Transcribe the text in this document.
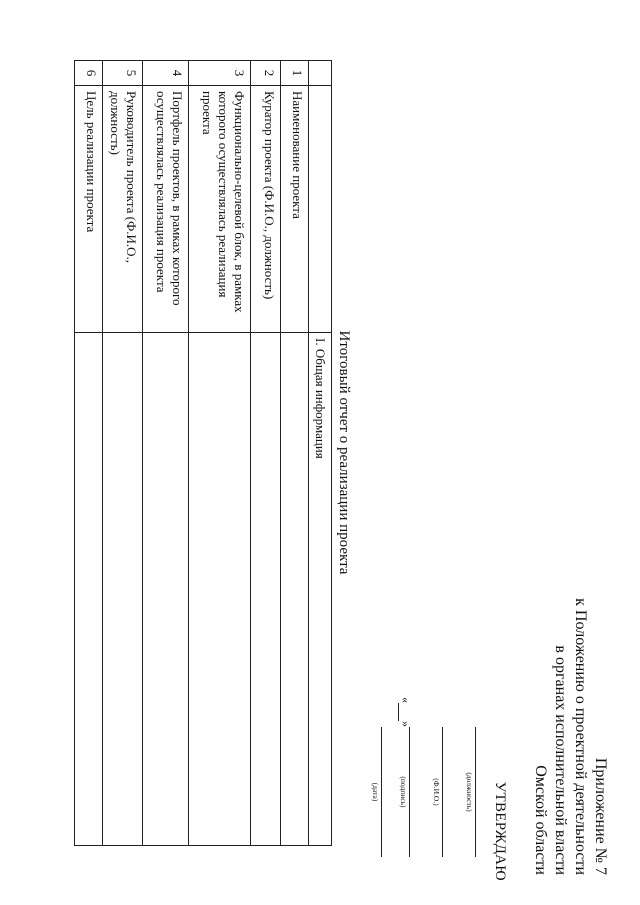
Приложение № 7
к Положению о проектной деятельности
в органах исполнительной власти
Омской области
УТВЕРЖДАЮ
(должность)
(Ф.И.О.)
(подпись)
«»
(дата)
Итоговый отчет о реализации проекта
		I. Общая информация
1	Наименование проекта	
2	Куратор проекта (Ф.И.О., должность)	
3	Функционально-целевой блок, в рамках которого осуществлялась реализация проекта	
4	Портфель проектов, в рамках которого осуществлялась реализация проекта	
5	Руководитель проекта (Ф.И.О., должность)	
6	Цель реализации проекта	
